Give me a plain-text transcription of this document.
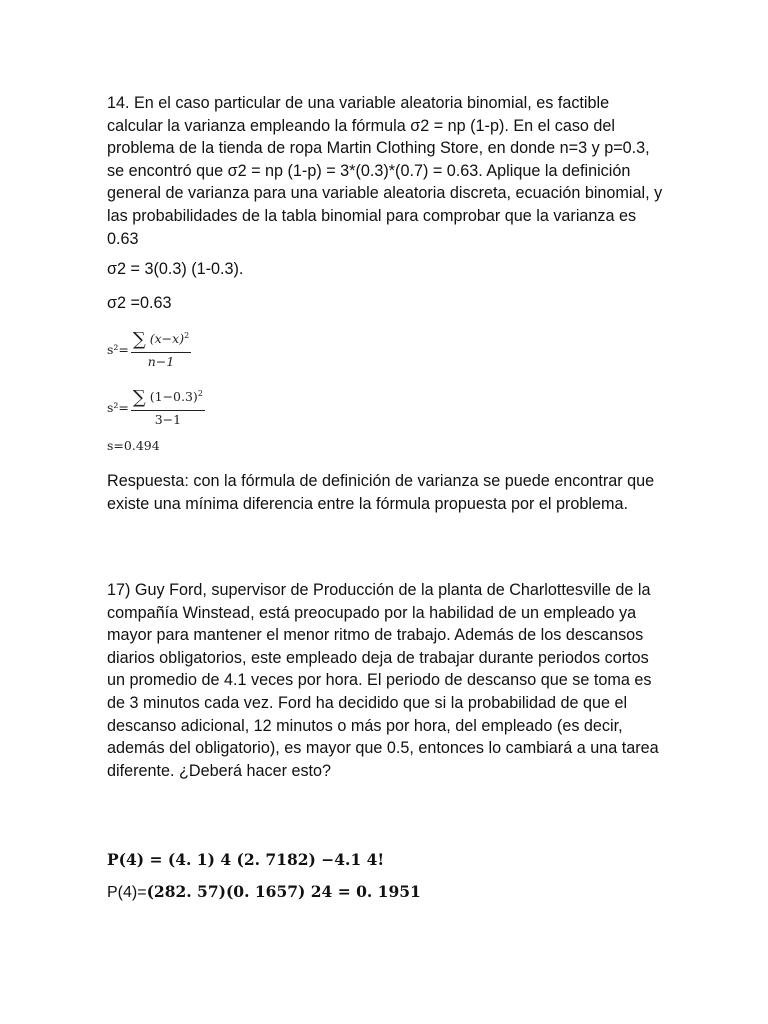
14. En el caso particular de una variable aleatoria binomial, es factible calcular la varianza empleando la fórmula σ2 = np (1-p). En el caso del problema de la tienda de ropa Martin Clothing Store, en donde n=3 y p=0.3, se encontró que σ2 = np (1-p) = 3*(0.3)*(0.7) = 0.63. Aplique la definición general de varianza para una variable aleatoria discreta, ecuación binomial, y las probabilidades de la tabla binomial para comprobar que la varianza es 0.63

σ2 = 3(0.3) (1-0.3).

σ2 =0.63

$s^2= \frac{\sum (x-x)^2}{n-1}$
$s^2= \frac{\sum (1-0.3)^2}{3-1}$
s=0.494

Respuesta: con la fórmula de definición de varianza se puede encontrar que existe una mínima diferencia entre la fórmula propuesta por el problema.

17) Guy Ford, supervisor de Producción de la planta de Charlottesville de la compañía Winstead, está preocupado por la habilidad de un empleado ya mayor para mantener el menor ritmo de trabajo. Además de los descansos diarios obligatorios, este empleado deja de trabajar durante periodos cortos un promedio de 4.1 veces por hora. El periodo de descanso que se toma es de 3 minutos cada vez. Ford ha decidido que si la probabilidad de que el descanso adicional, 12 minutos o más por hora, del empleado (es decir, además del obligatorio), es mayor que 0.5, entonces lo cambiará a una tarea diferente. ¿Deberá hacer esto?

P(4) = (4. 1) 4 (2. 7182) −4.1 4!
P(4)=(282. 57)(0. 1657) 24 = 0. 1951
